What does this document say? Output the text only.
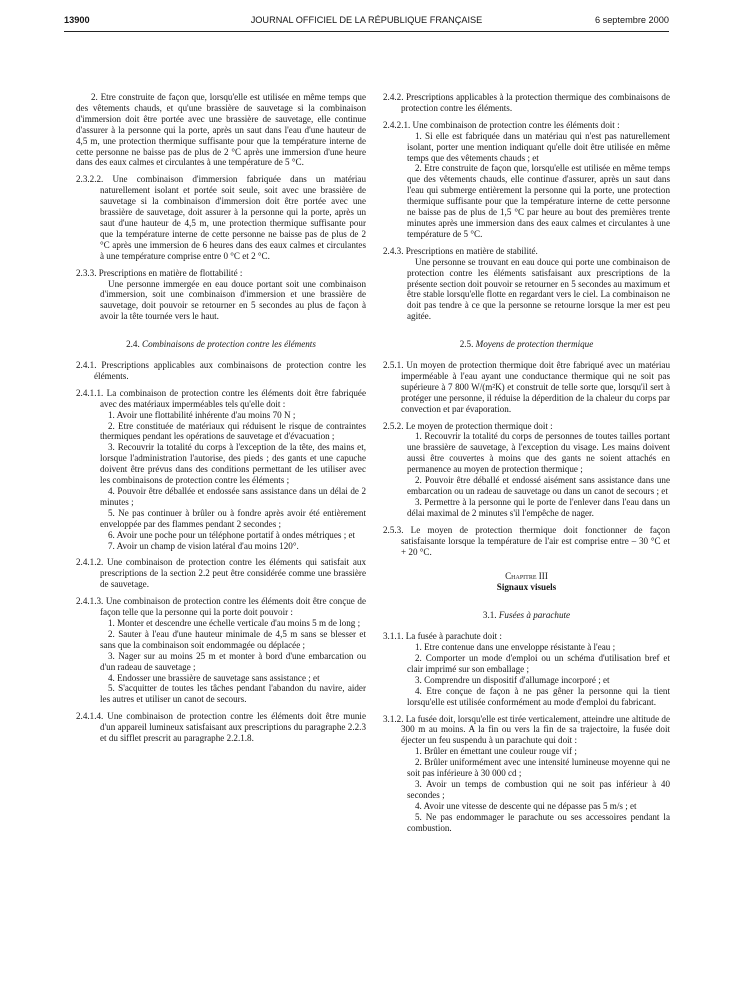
13900	JOURNAL OFFICIEL DE LA RÉPUBLIQUE FRANÇAISE	6 septembre 2000

2. Etre construite de façon que, lorsqu'elle est utilisée en même temps que des vêtements chauds, et qu'une brassière de sauvetage si la combinaison d'immersion doit être portée avec une brassière de sauvetage, elle continue d'assurer à la personne qui la porte, après un saut dans l'eau d'une hauteur de 4,5 m, une protection thermique suffisante pour que la température interne de cette personne ne baisse pas de plus de 2 °C après une immersion d'une heure dans des eaux calmes et circulantes à une température de 5 °C.

2.3.2.2. Une combinaison d'immersion fabriquée dans un matériau naturellement isolant et portée soit seule, soit avec une brassière de sauvetage si la combinaison d'immersion doit être portée avec une brassière de sauvetage, doit assurer à la personne qui la porte, après un saut d'une hauteur de 4,5 m, une protection thermique suffisante pour que la température interne de cette personne ne baisse pas de plus de 2 °C après une immersion de 6 heures dans des eaux calmes et circulantes à une température comprise entre 0 °C et 2 °C.

2.3.3. Prescriptions en matière de flottabilité :

Une personne immergée en eau douce portant soit une combinaison d'immersion, soit une combinaison d'immersion et une brassière de sauvetage, doit pouvoir se retourner en 5 secondes au plus de façon à avoir la tête tournée vers le haut.

2.4. Combinaisons de protection contre les éléments

2.4.1. Prescriptions applicables aux combinaisons de protection contre les éléments.

2.4.1.1. La combinaison de protection contre les éléments doit être fabriquée avec des matériaux imperméables tels qu'elle doit :

1. Avoir une flottabilité inhérente d'au moins 70 N ;

2. Etre constituée de matériaux qui réduisent le risque de contraintes thermiques pendant les opérations de sauvetage et d'évacuation ;

3. Recouvrir la totalité du corps à l'exception de la tête, des mains et, lorsque l'administration l'autorise, des pieds ; des gants et une capuche doivent être prévus dans des conditions permettant de les utiliser avec les combinaisons de protection contre les éléments ;

4. Pouvoir être déballée et endossée sans assistance dans un délai de 2 minutes ;

5. Ne pas continuer à brûler ou à fondre après avoir été entièrement enveloppée par des flammes pendant 2 secondes ;

6. Avoir une poche pour un téléphone portatif à ondes métriques ; et

7. Avoir un champ de vision latéral d'au moins 120°.

2.4.1.2. Une combinaison de protection contre les éléments qui satisfait aux prescriptions de la section 2.2 peut être considérée comme une brassière de sauvetage.

2.4.1.3. Une combinaison de protection contre les éléments doit être conçue de façon telle que la personne qui la porte doit pouvoir :

1. Monter et descendre une échelle verticale d'au moins 5 m de long ;

2. Sauter à l'eau d'une hauteur minimale de 4,5 m sans se blesser et sans que la combinaison soit endommagée ou déplacée ;

3. Nager sur au moins 25 m et monter à bord d'une embarcation ou d'un radeau de sauvetage ;

4. Endosser une brassière de sauvetage sans assistance ; et

5. S'acquitter de toutes les tâches pendant l'abandon du navire, aider les autres et utiliser un canot de secours.

2.4.1.4. Une combinaison de protection contre les éléments doit être munie d'un appareil lumineux satisfaisant aux prescriptions du paragraphe 2.2.3 et du sifflet prescrit au paragraphe 2.2.1.8.

2.4.2. Prescriptions applicables à la protection thermique des combinaisons de protection contre les éléments.

2.4.2.1. Une combinaison de protection contre les éléments doit :

1. Si elle est fabriquée dans un matériau qui n'est pas naturellement isolant, porter une mention indiquant qu'elle doit être utilisée en même temps que des vêtements chauds ; et

2. Etre construite de façon que, lorsqu'elle est utilisée en même temps que des vêtements chauds, elle continue d'assurer, après un saut dans l'eau qui submerge entièrement la personne qui la porte, une protection thermique suffisante pour que la température interne de cette personne ne baisse pas de plus de 1,5 °C par heure au bout des premières trente minutes après une immersion dans des eaux calmes et circulantes à une température de 5 °C.

2.4.3. Prescriptions en matière de stabilité.

Une personne se trouvant en eau douce qui porte une combinaison de protection contre les éléments satisfaisant aux prescriptions de la présente section doit pouvoir se retourner en 5 secondes au maximum et être stable lorsqu'elle flotte en regardant vers le ciel. La combinaison ne doit pas tendre à ce que la personne se retourne lorsque la mer est peu agitée.

2.5. Moyens de protection thermique

2.5.1. Un moyen de protection thermique doit être fabriqué avec un matériau imperméable à l'eau ayant une conductance thermique qui ne soit pas supérieure à 7 800 W/(m²K) et construit de telle sorte que, lorsqu'il sert à protéger une personne, il réduise la déperdition de la chaleur du corps par convection et par évaporation.

2.5.2. Le moyen de protection thermique doit :

1. Recouvrir la totalité du corps de personnes de toutes tailles portant une brassière de sauvetage, à l'exception du visage. Les mains doivent aussi être couvertes à moins que des gants ne soient attachés en permanence au moyen de protection thermique ;

2. Pouvoir être déballé et endossé aisément sans assistance dans une embarcation ou un radeau de sauvetage ou dans un canot de secours ; et

3. Permettre à la personne qui le porte de l'enlever dans l'eau dans un délai maximal de 2 minutes s'il l'empêche de nager.

2.5.3. Le moyen de protection thermique doit fonctionner de façon satisfaisante lorsque la température de l'air est comprise entre – 30 °C et + 20 °C.

Chapitre III

Signaux visuels

3.1. Fusées à parachute

3.1.1. La fusée à parachute doit :

1. Etre contenue dans une enveloppe résistante à l'eau ;

2. Comporter un mode d'emploi ou un schéma d'utilisation bref et clair imprimé sur son emballage ;

3. Comprendre un dispositif d'allumage incorporé ; et

4. Etre conçue de façon à ne pas gêner la personne qui la tient lorsqu'elle est utilisée conformément au mode d'emploi du fabricant.

3.1.2. La fusée doit, lorsqu'elle est tirée verticalement, atteindre une altitude de 300 m au moins. A la fin ou vers la fin de sa trajectoire, la fusée doit éjecter un feu suspendu à un parachute qui doit :

1. Brûler en émettant une couleur rouge vif ;

2. Brûler uniformément avec une intensité lumineuse moyenne qui ne soit pas inférieure à 30 000 cd ;

3. Avoir un temps de combustion qui ne soit pas inférieur à 40 secondes ;

4. Avoir une vitesse de descente qui ne dépasse pas 5 m/s ; et

5. Ne pas endommager le parachute ou ses accessoires pendant la combustion.
